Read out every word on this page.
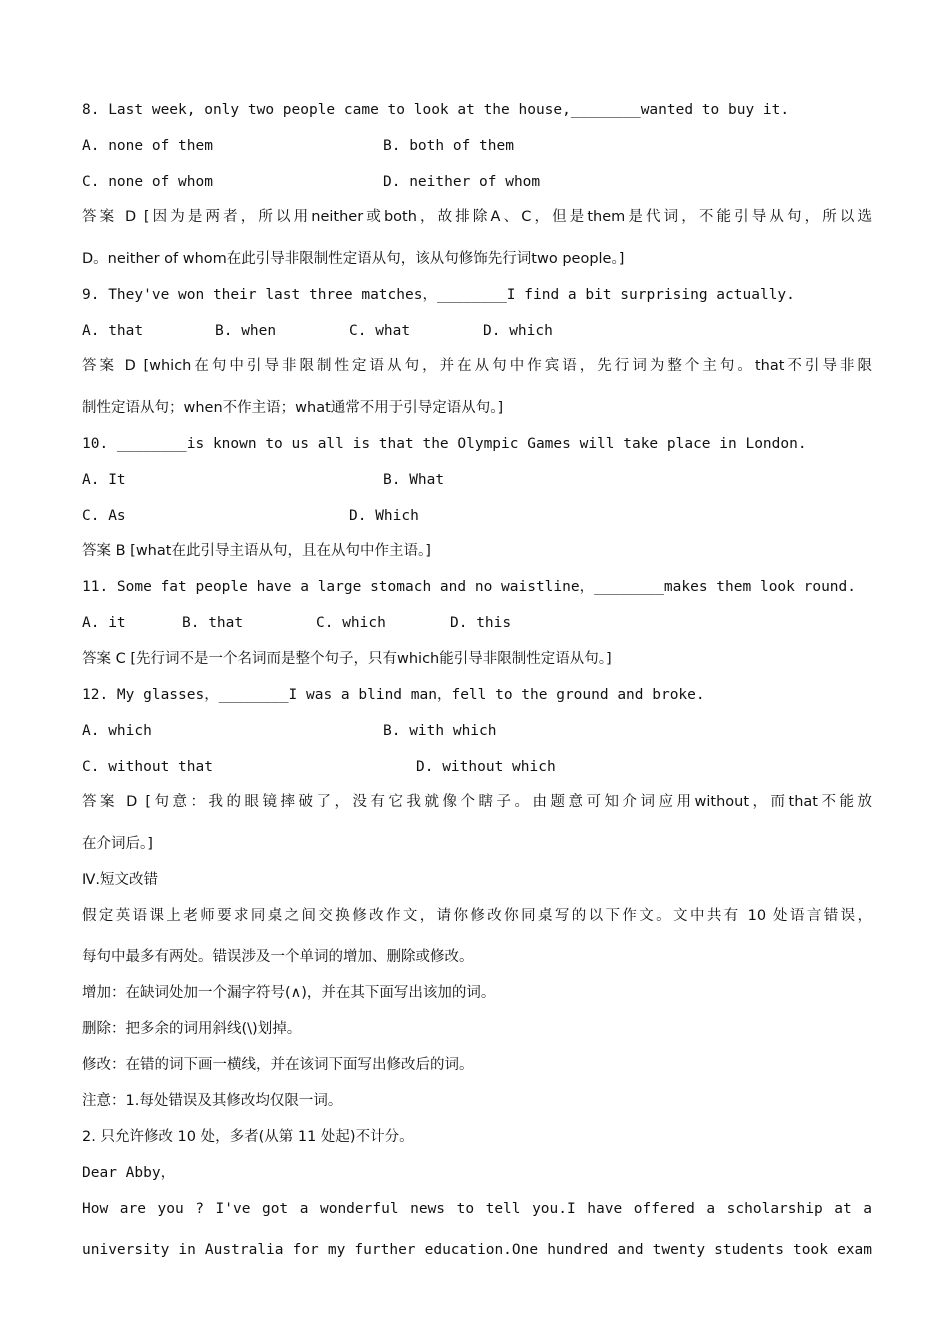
8. Last week, only two people came to look at the house,________wanted to buy it.
A. none of them	B. both of them
C. none of whom	D. neither of whom
答案 D [因为是两者，所以用neither或both，故排除A、C，但是them是代词，不能引导从句，所以选
D。neither of whom在此引导非限制性定语从句，该从句修饰先行词two people。]
9. They've won their last three matches，________I find a bit surprising actually.
A. that	B. when	C. what	D. which
答案 D [which在句中引导非限制性定语从句，并在从句中作宾语，先行词为整个主句。that不引导非限
制性定语从句；when不作主语；what通常不用于引导定语从句。]
10. ________is known to us all is that the Olympic Games will take place in London.
A. It	B. What
C. As	D. Which
答案 B [what在此引导主语从句，且在从句中作主语。]
11. Some fat people have a large stomach and no waistline，________makes them look round.
A. it	B. that	C. which	D. this
答案 C [先行词不是一个名词而是整个句子，只有which能引导非限制性定语从句。]
12. My glasses，________I was a blind man，fell to the ground and broke.
A. which	B. with which
C. without that	D. without which
答案 D [句意：我的眼镜摔破了，没有它我就像个瞎子。由题意可知介词应用without，而that不能放
在介词后。]
Ⅳ.短文改错
假定英语课上老师要求同桌之间交换修改作文，请你修改你同桌写的以下作文。文中共有 10 处语言错误，
每句中最多有两处。错误涉及一个单词的增加、删除或修改。
增加：在缺词处加一个漏字符号(∧)，并在其下面写出该加的词。
删除：把多余的词用斜线(\)划掉。
修改：在错的词下画一横线，并在该词下面写出修改后的词。
注意：1.每处错误及其修改均仅限一词。
2. 只允许修改 10 处，多者(从第 11 处起)不计分。
Dear Abby，
How are you ? I've got a wonderful news to tell you.I have offered a scholarship at a
university in Australia for my further education.One hundred and twenty students took exam
